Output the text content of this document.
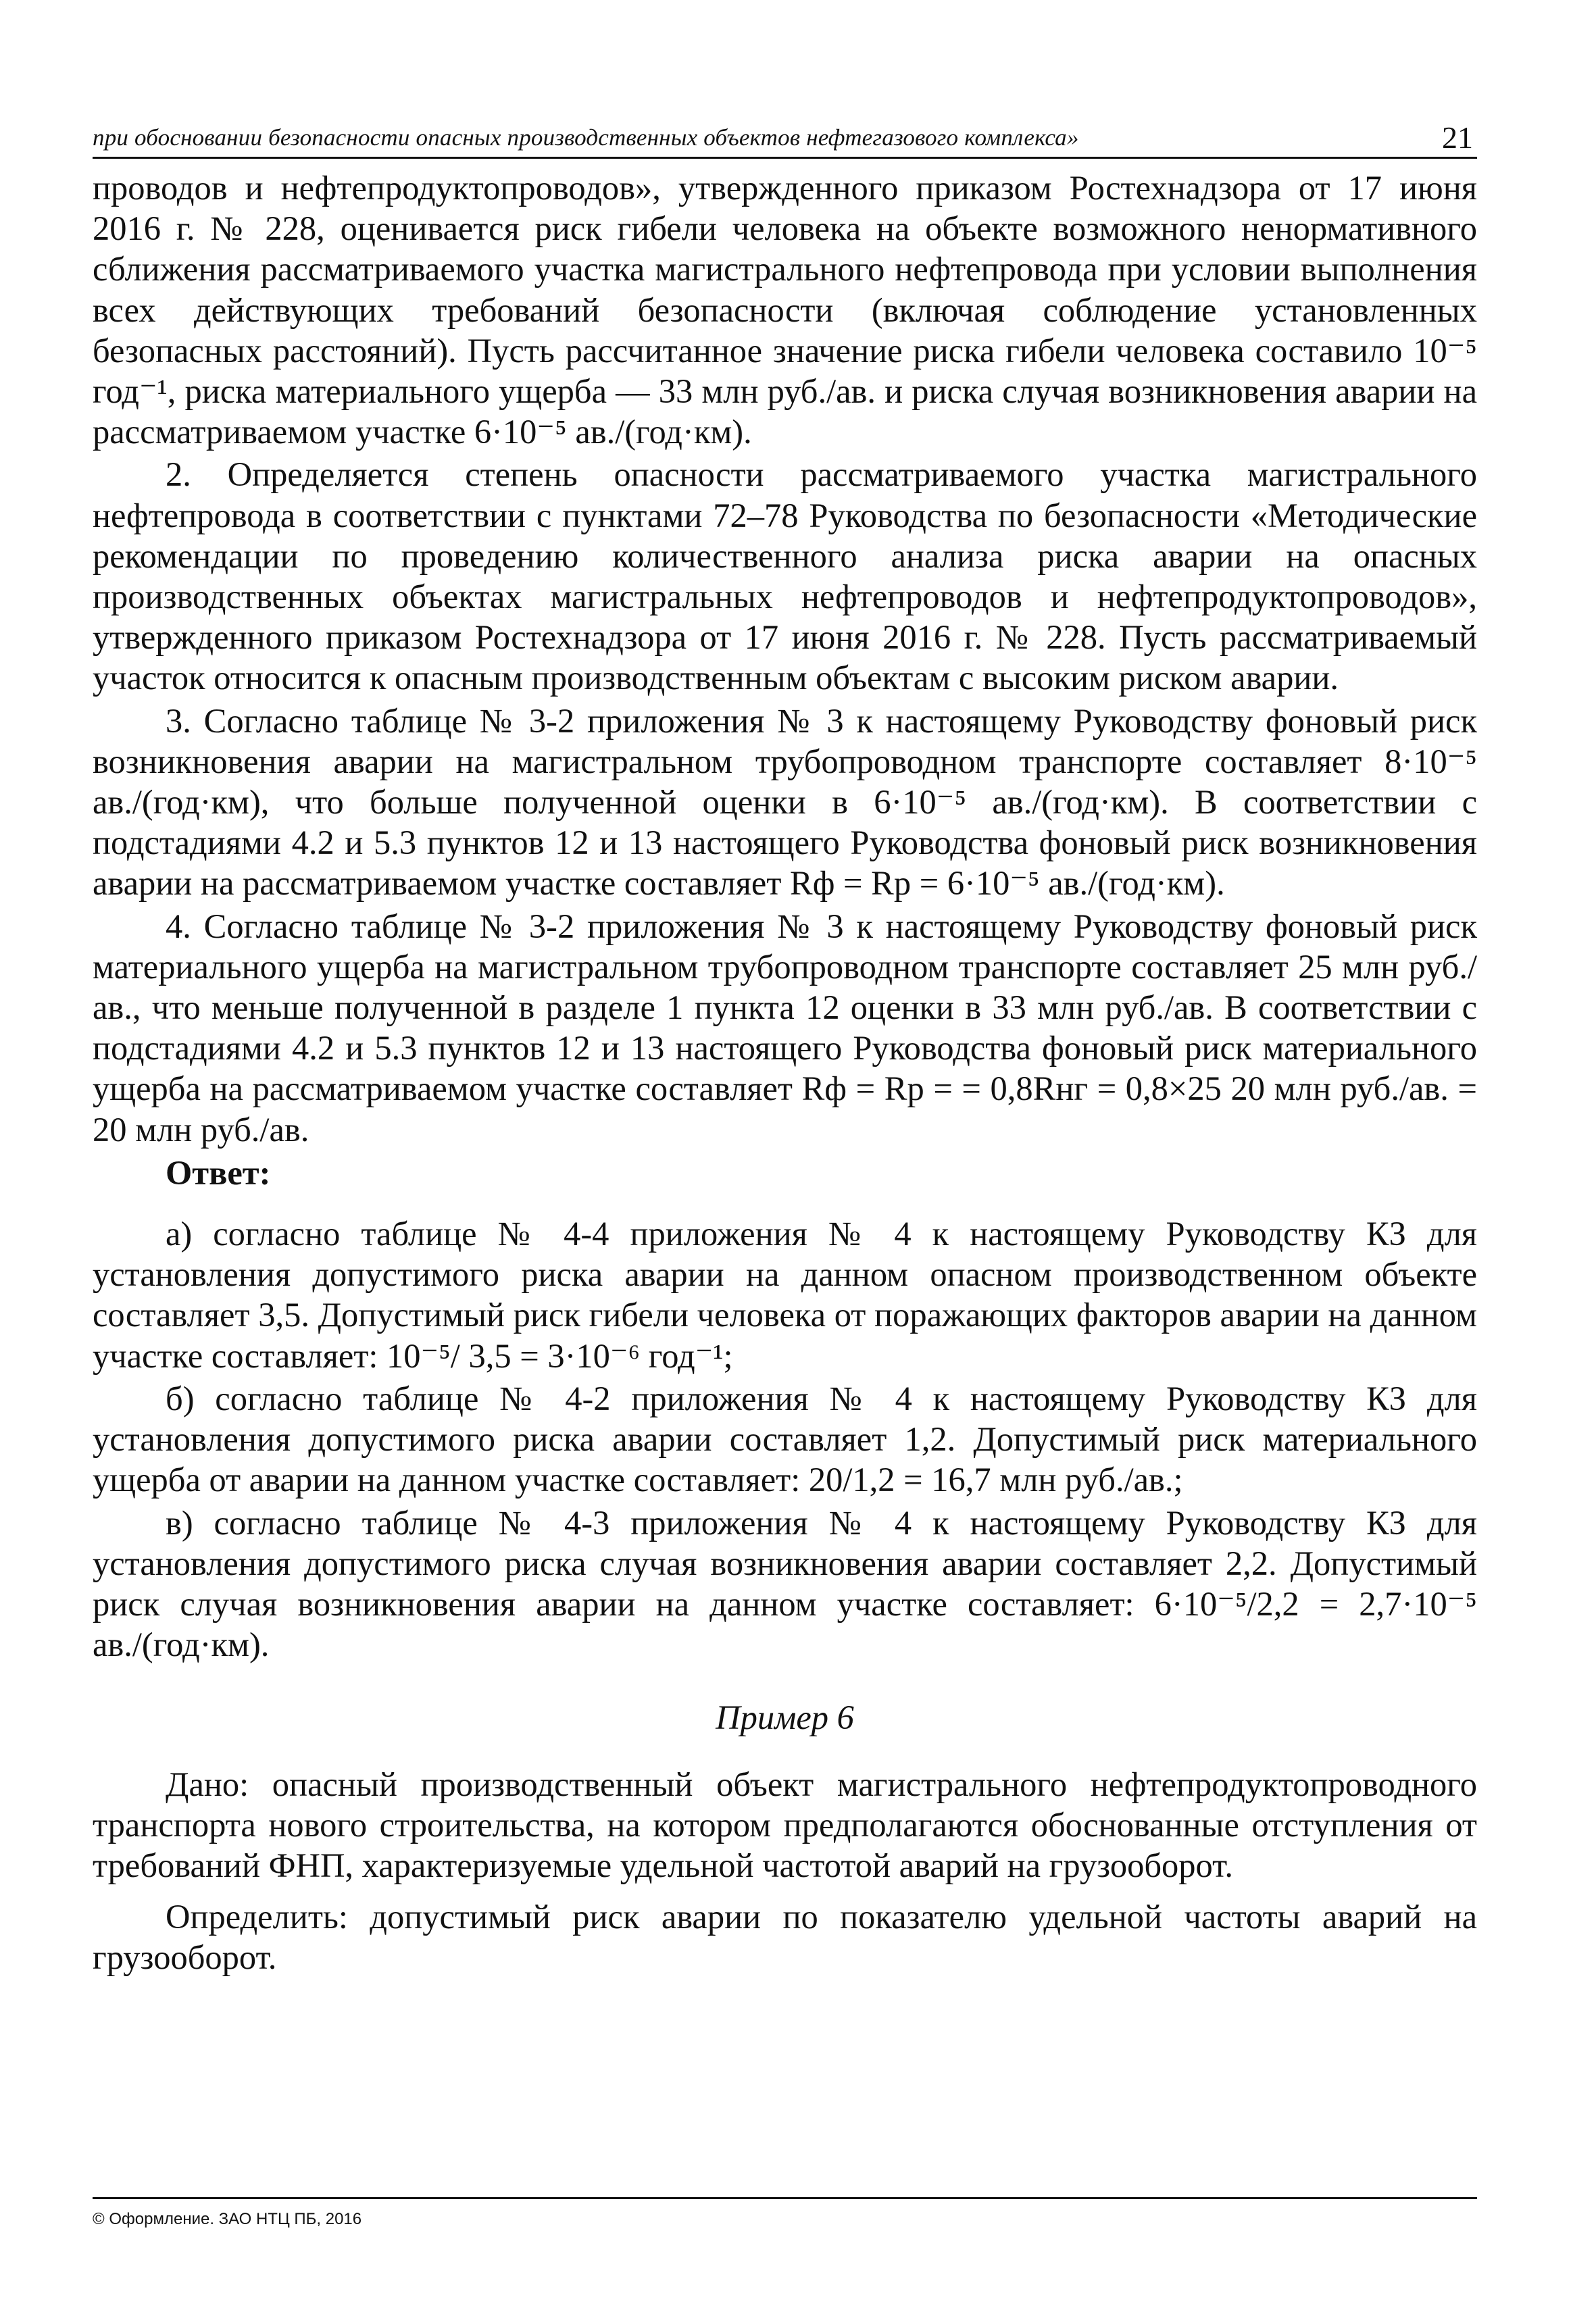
при обосновании безопасности опасных производственных объектов нефтегазового комплекса»	21

проводов и нефтепродуктопроводов», утвержденного приказом Ростехнадзора от 17 июня 2016 г. № 228, оценивается риск гибели человека на объекте возможного ненормативного сближения рассматриваемого участка магистрального нефтепровода при условии выполнения всех действующих требований безопасности (включая соблюдение установленных безопасных расстояний). Пусть рассчитанное значение риска гибели человека составило 10⁻⁵ год⁻¹, риска материального ущерба — 33 млн руб./ав. и риска случая возникновения аварии на рассматриваемом участке 6·10⁻⁵ ав./(год·км).

2. Определяется степень опасности рассматриваемого участка магистрального нефтепровода в соответствии с пунктами 72–78 Руководства по безопасности «Методические рекомендации по проведению количественного анализа риска аварии на опасных производственных объектах магистральных нефтепроводов и нефтепродуктопроводов», утвержденного приказом Ростехнадзора от 17 июня 2016 г. № 228. Пусть рассматриваемый участок относится к опасным производственным объектам с высоким риском аварии.

3. Согласно таблице № 3-2 приложения № 3 к настоящему Руководству фоновый риск возникновения аварии на магистральном трубопроводном транспорте составляет 8·10⁻⁵ ав./(год·км), что больше полученной оценки в 6·10⁻⁵ ав./(год·км). В соответствии с подстадиями 4.2 и 5.3 пунктов 12 и 13 настоящего Руководства фоновый риск возникновения аварии на рассматриваемом участке составляет Rф = Rр = 6·10⁻⁵ ав./(год·км).

4. Согласно таблице № 3-2 приложения № 3 к настоящему Руководству фоновый риск материального ущерба на магистральном трубопроводном транспорте составляет 25 млн руб./ав., что меньше полученной в разделе 1 пункта 12 оценки в 33 млн руб./ав. В соответствии с подстадиями 4.2 и 5.3 пунктов 12 и 13 настоящего Руководства фоновый риск материального ущерба на рассматриваемом участке составляет Rф = Rр = = 0,8Rнг = 0,8×25 20 млн руб./ав. = 20 млн руб./ав.

Ответ:

а) согласно таблице № 4-4 приложения № 4 к настоящему Руководству КЗ для установления допустимого риска аварии на данном опасном производственном объекте составляет 3,5. Допустимый риск гибели человека от поражающих факторов аварии на данном участке составляет: 10⁻⁵/ 3,5 = 3·10⁻⁶ год⁻¹;

б) согласно таблице № 4-2 приложения № 4 к настоящему Руководству КЗ для установления допустимого риска аварии составляет 1,2. Допустимый риск материального ущерба от аварии на данном участке составляет: 20/1,2 = 16,7 млн руб./ав.;

в) согласно таблице № 4-3 приложения № 4 к настоящему Руководству КЗ для установления допустимого риска случая возникновения аварии составляет 2,2. Допустимый риск случая возникновения аварии на данном участке составляет: 6·10⁻⁵/2,2 = 2,7·10⁻⁵ ав./(год·км).

Пример 6

Дано: опасный производственный объект магистрального нефтепродуктопроводного транспорта нового строительства, на котором предполагаются обоснованные отступления от требований ФНП, характеризуемые удельной частотой аварий на грузооборот.

Определить: допустимый риск аварии по показателю удельной частоты аварий на грузооборот.

© Оформление. ЗАО НТЦ ПБ, 2016
